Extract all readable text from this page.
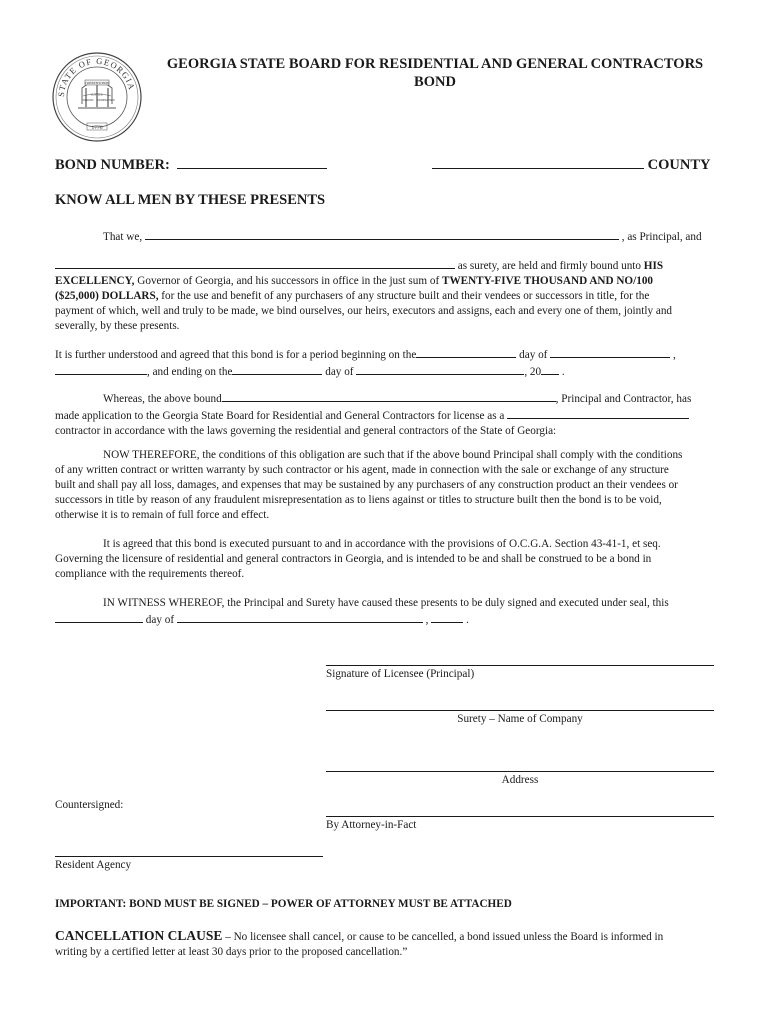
STATE OF GEORGIA
CONSTITUTION
JUSTICE
WISDOM MODERATION
1776
GEORGIA STATE BOARD FOR RESIDENTIAL AND GENERAL CONTRACTORS
BOND
BOND NUMBER:	COUNTY
KNOW ALL MEN BY THESE PRESENTS
That we,	, as Principal, and
as surety, are held and firmly bound unto HIS
EXCELLENCY, Governor of Georgia, and his successors in office in the just sum of TWENTY-FIVE THOUSAND AND NO/100
($25,000) DOLLARS, for the use and benefit of any purchasers of any structure built and their vendees or successors in title, for the
payment of which, well and truly to be made, we bind ourselves, our heirs, executors and assigns, each and every one of them, jointly and
severally, by these presents.
It is further understood and agreed that this bond is for a period beginning on the	day of	,
, and ending on the	day of	, 20 .
Whereas, the above bound	, Principal and Contractor, has
made application to the Georgia State Board for Residential and General Contractors for license as a
contractor in accordance with the laws governing the residential and general contractors of the State of Georgia:
NOW THEREFORE, the conditions of this obligation are such that if the above bound Principal shall comply with the conditions
of any written contract or written warranty by such contractor or his agent, made in connection with the sale or exchange of any structure
built and shall pay all loss, damages, and expenses that may be sustained by any purchasers of any construction product an their vendees or
successors in title by reason of any fraudulent misrepresentation as to liens against or titles to structure built then the bond is to be void,
otherwise it is to remain of full force and effect.
It is agreed that this bond is executed pursuant to and in accordance with the provisions of O.C.G.A. Section 43-41-1, et seq.
Governing the licensure of residential and general contractors in Georgia, and is intended to be and shall be construed to be a bond in
compliance with the requirements thereof.
IN WITNESS WHEREOF, the Principal and Surety have caused these presents to be duly signed and executed under seal, this
day of	,	.
Signature of Licensee (Principal)
Surety – Name of Company
Address
Countersigned:
By Attorney-in-Fact
Resident Agency
IMPORTANT: BOND MUST BE SIGNED – POWER OF ATTORNEY MUST BE ATTACHED
CANCELLATION CLAUSE – No licensee shall cancel, or cause to be cancelled, a bond issued unless the Board is informed in
writing by a certified letter at least 30 days prior to the proposed cancellation.”
